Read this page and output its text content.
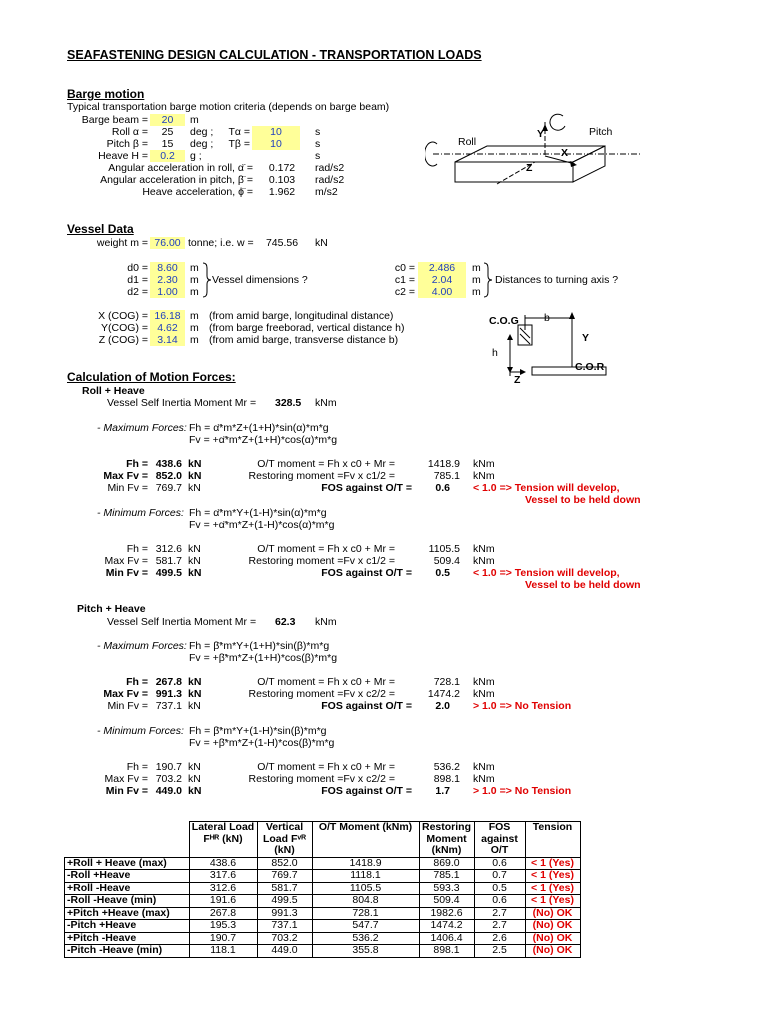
SEAFASTENING DESIGN CALCULATION - TRANSPORTATION LOADS
Barge motion
Typical transportation barge motion criteria (depends on barge beam)
Barge beam =	20	m
Roll α =	25	deg ;	Tα =	10	s
Pitch β =	15	deg ;	Tβ =	10	s
Heave H =	0.2	g ;	s
Angular acceleration in roll, α̈ =	0.172	rad/s2
Angular acceleration in pitch, β̈ =	0.103	rad/s2
Heave acceleration, ϕ̈ =	1.962	m/s2
Roll
Pitch
Y
X
Z
Vessel Data
weight m = 76.00 tonne; i.e. w =	745.56	kN
d0 = 8.60	m
d1 = 2.30	m
d2 = 1.00	m
Vessel dimensions ?
c0 =	2.486	m
c1 =	2.04	m
c2 =	4.00	m
Distances to turning axis ?
X (COG) = 16.18 m (from amid barge, longitudinal distance)
Y(COG) = 4.62	m (from barge freeborad, vertical distance h)
Z (COG) = 3.14	m (from amid barge, transverse distance b)
C.O.G b
Y
h
C.O.R
Z
Calculation of Motion Forces:
Roll + Heave
Vessel Self Inertia Moment Mr = 328.5 kNm
- Maximum Forces: Fh = α̈*m*Z+(1+H)*sin(α)*m*g
Fv = +α̈*m*Z+(1+H)*cos(α)*m*g
Fh = 438.6 kN	O/T moment = Fh x c0 + Mr =	1418.9 kNm
Max Fv = 852.0 kN	Restoring moment =Fv x c1/2 =	785.1 kNm
Min Fv = 769.7 kN	FOS against O/T =	0.6 < 1.0 => Tension will develop,
Vessel to be held down
- Minimum Forces: Fh = α̈*m*Y+(1-H)*sin(α)*m*g
Fv = +α̈*m*Z+(1-H)*cos(α)*m*g
Fh = 312.6 kN	O/T moment = Fh x c0 + Mr =	1105.5 kNm
Max Fv = 581.7 kN	Restoring moment =Fv x c1/2 =	509.4 kNm
Min Fv = 499.5 kN	FOS against O/T =	0.5 < 1.0 => Tension will develop,
Vessel to be held down
Pitch + Heave
Vessel Self Inertia Moment Mr = 62.3 kNm
- Maximum Forces: Fh = β̈*m*Y+(1+H)*sin(β)*m*g
Fv = +β̈*m*Z+(1+H)*cos(β)*m*g
Fh = 267.8 kN	O/T moment = Fh x c0 + Mr =	728.1 kNm
Max Fv = 991.3 kN	Restoring moment =Fv x c2/2 =	1474.2 kNm
Min Fv = 737.1 kN	FOS against O/T =	2.0 > 1.0 => No Tension
- Minimum Forces: Fh = β̈*m*Y+(1-H)*sin(β)*m*g
Fv = +β̈*m*Z+(1-H)*cos(β)*m*g
Fh = 190.7 kN	O/T moment = Fh x c0 + Mr =	536.2 kNm
Max Fv = 703.2 kN	Restoring moment =Fv x c2/2 =	898.1 kNm
Min Fv = 449.0 kN	FOS against O/T =	1.7 > 1.0 => No Tension
	Lateral Load Fᴴᴿ (kN)	Vertical Load Fᵛᴿ (kN)	O/T Moment (kNm)	Restoring Moment (kNm)	FOS against O/T	Tension
+Roll + Heave (max)	438.6	852.0	1418.9	869.0	0.6	< 1 (Yes)
-Roll +Heave	317.6	769.7	1118.1	785.1	0.7	< 1 (Yes)
+Roll -Heave	312.6	581.7	1105.5	593.3	0.5	< 1 (Yes)
-Roll -Heave (min)	191.6	499.5	804.8	509.4	0.6	< 1 (Yes)
+Pitch +Heave (max)	267.8	991.3	728.1	1982.6	2.7	(No) OK
-Pitch +Heave	195.3	737.1	547.7	1474.2	2.7	(No) OK
+Pitch -Heave	190.7	703.2	536.2	1406.4	2.6	(No) OK
-Pitch -Heave (min)	118.1	449.0	355.8	898.1	2.5	(No) OK
